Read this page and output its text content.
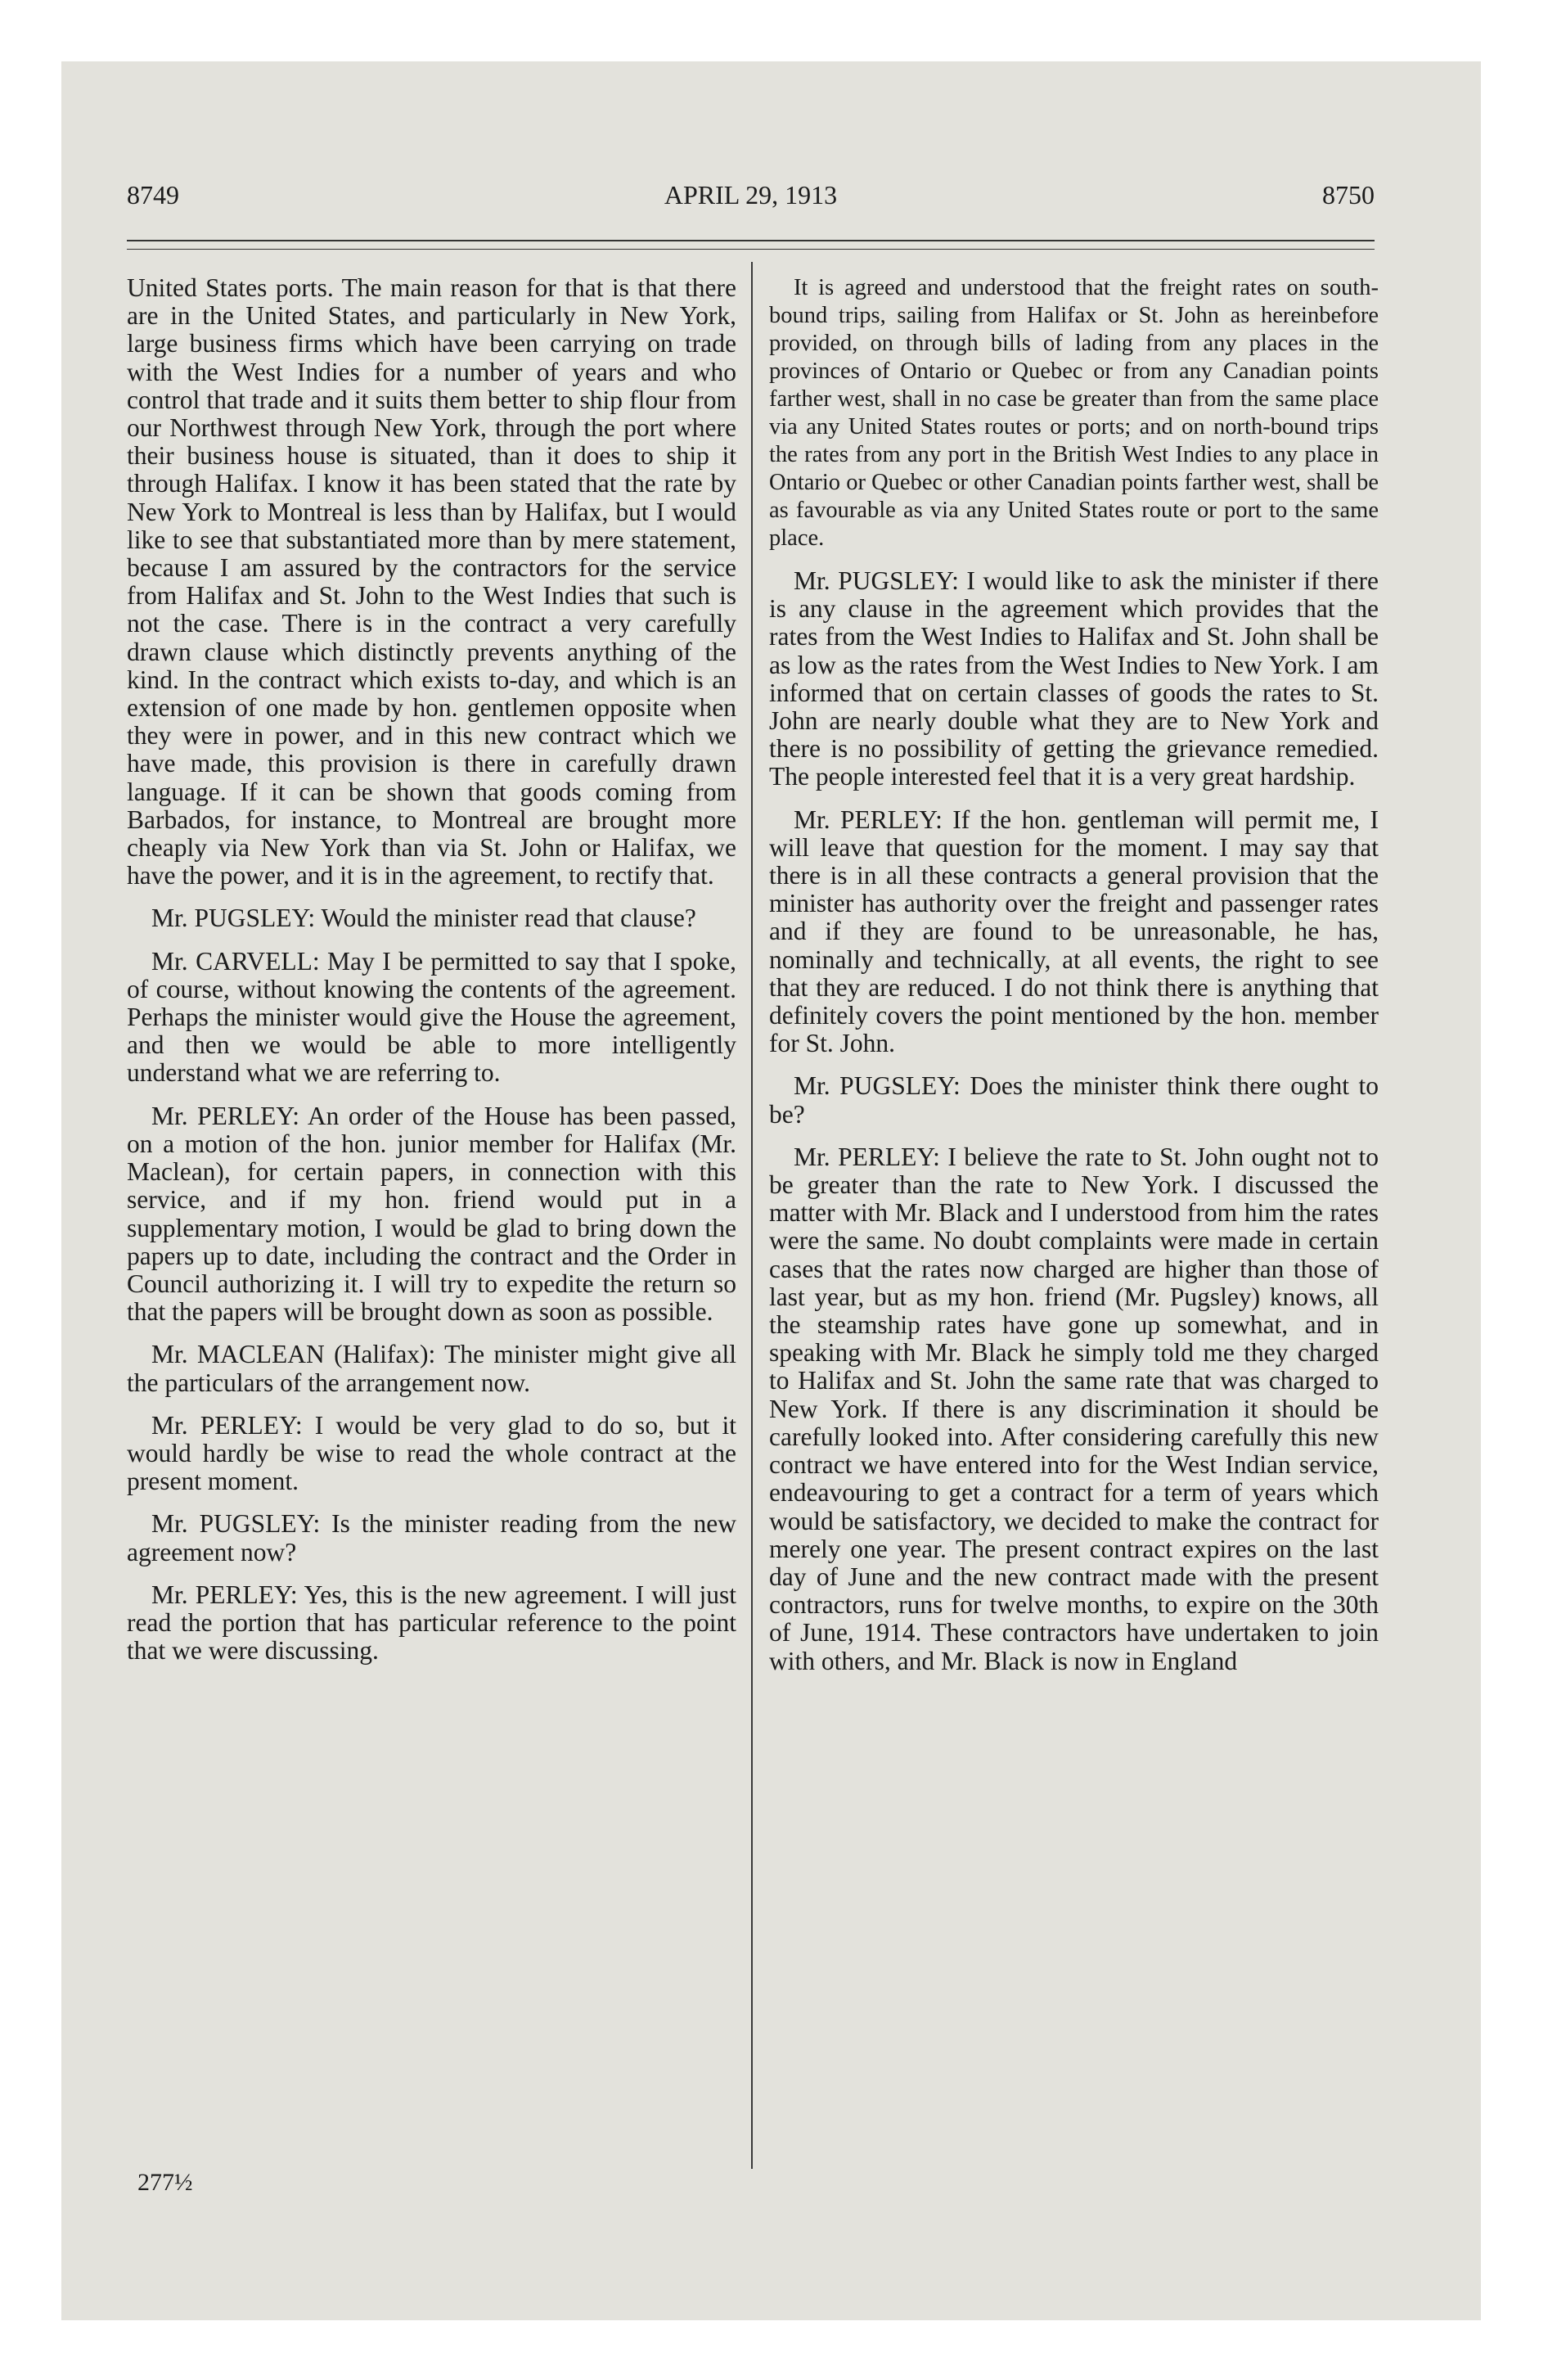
8749	APRIL 29, 1913	8750

United States ports. The main reason for that is that there are in the United States, and particularly in New York, large business firms which have been carrying on trade with the West Indies for a number of years and who control that trade and it suits them better to ship flour from our Northwest through New York, through the port where their business house is situated, than it does to ship it through Halifax. I know it has been stated that the rate by New York to Montreal is less than by Halifax, but I would like to see that substantiated more than by mere statement, because I am assured by the contractors for the service from Halifax and St. John to the West Indies that such is not the case. There is in the contract a very carefully drawn clause which distinctly prevents anything of the kind. In the contract which exists to-day, and which is an extension of one made by hon. gentlemen opposite when they were in power, and in this new contract which we have made, this provision is there in carefully drawn language. If it can be shown that goods coming from Barbados, for instance, to Montreal are brought more cheaply via New York than via St. John or Halifax, we have the power, and it is in the agreement, to rectify that.

Mr. PUGSLEY: Would the minister read that clause?

Mr. CARVELL: May I be permitted to say that I spoke, of course, without knowing the contents of the agreement. Perhaps the minister would give the House the agreement, and then we would be able to more intelligently understand what we are referring to.

Mr. PERLEY: An order of the House has been passed, on a motion of the hon. junior member for Halifax (Mr. Maclean), for certain papers, in connection with this service, and if my hon. friend would put in a supplementary motion, I would be glad to bring down the papers up to date, including the contract and the Order in Council authorizing it. I will try to expedite the return so that the papers will be brought down as soon as possible.

Mr. MACLEAN (Halifax): The minister might give all the particulars of the arrangement now.

Mr. PERLEY: I would be very glad to do so, but it would hardly be wise to read the whole contract at the present moment.

Mr. PUGSLEY: Is the minister reading from the new agreement now?

Mr. PERLEY: Yes, this is the new agreement. I will just read the portion that has particular reference to the point that we were discussing.

It is agreed and understood that the freight rates on south-bound trips, sailing from Halifax or St. John as hereinbefore provided, on through bills of lading from any places in the provinces of Ontario or Quebec or from any Canadian points farther west, shall in no case be greater than from the same place via any United States routes or ports; and on north-bound trips the rates from any port in the British West Indies to any place in Ontario or Quebec or other Canadian points farther west, shall be as favourable as via any United States route or port to the same place.

Mr. PUGSLEY: I would like to ask the minister if there is any clause in the agreement which provides that the rates from the West Indies to Halifax and St. John shall be as low as the rates from the West Indies to New York. I am informed that on certain classes of goods the rates to St. John are nearly double what they are to New York and there is no possibility of getting the grievance remedied. The people interested feel that it is a very great hardship.

Mr. PERLEY: If the hon. gentleman will permit me, I will leave that question for the moment. I may say that there is in all these contracts a general provision that the minister has authority over the freight and passenger rates and if they are found to be unreasonable, he has, nominally and technically, at all events, the right to see that they are reduced. I do not think there is anything that definitely covers the point mentioned by the hon. member for St. John.

Mr. PUGSLEY: Does the minister think there ought to be?

Mr. PERLEY: I believe the rate to St. John ought not to be greater than the rate to New York. I discussed the matter with Mr. Black and I understood from him the rates were the same. No doubt complaints were made in certain cases that the rates now charged are higher than those of last year, but as my hon. friend (Mr. Pugsley) knows, all the steamship rates have gone up somewhat, and in speaking with Mr. Black he simply told me they charged to Halifax and St. John the same rate that was charged to New York. If there is any discrimination it should be carefully looked into. After considering carefully this new contract we have entered into for the West Indian service, endeavouring to get a contract for a term of years which would be satisfactory, we decided to make the contract for merely one year. The present contract expires on the last day of June and the new contract made with the present contractors, runs for twelve months, to expire on the 30th of June, 1914. These contractors have undertaken to join with others, and Mr. Black is now in England

277½
